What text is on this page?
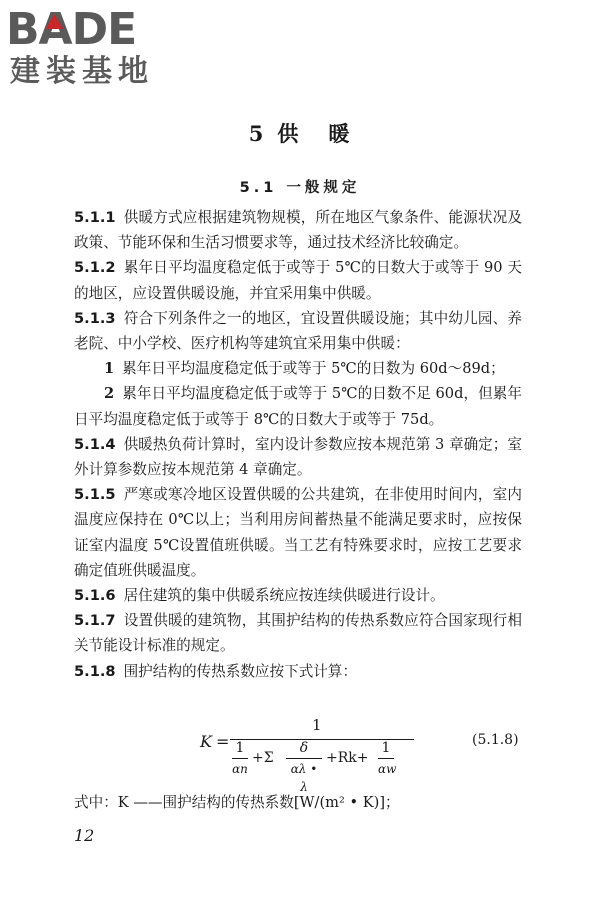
BA
DE
建装基地
5 供 暖
5.1 一般规定
5.1.1 供暖方式应根据建筑物规模，所在地区气象条件、能源状况及政策、节能环保和生活习惯要求等，通过技术经济比较确定。
5.1.2 累年日平均温度稳定低于或等于 5℃的日数大于或等于 90 天的地区，应设置供暖设施，并宜采用集中供暖。
5.1.3 符合下列条件之一的地区，宜设置供暖设施；其中幼儿园、养老院、中小学校、医疗机构等建筑宜采用集中供暖：
1 累年日平均温度稳定低于或等于 5℃的日数为 60d～89d；
2 累年日平均温度稳定低于或等于 5℃的日数不足 60d，但累年日平均温度稳定低于或等于 8℃的日数大于或等于 75d。
5.1.4 供暖热负荷计算时，室内设计参数应按本规范第 3 章确定；室外计算参数应按本规范第 4 章确定。
5.1.5 严寒或寒冷地区设置供暖的公共建筑，在非使用时间内，室内温度应保持在 0℃以上；当利用房间蓄热量不能满足要求时，应按保证室内温度 5℃设置值班供暖。当工艺有特殊要求时，应按工艺要求确定值班供暖温度。
5.1.6 居住建筑的集中供暖系统应按连续供暖进行设计。
5.1.7 设置供暖的建筑物，其围护结构的传热系数应符合国家现行相关节能设计标准的规定。
5.1.8 围护结构的传热系数应按下式计算：
K =
1
1
αn
+Σ
δ
αλ • λ
+Rk+
1
αw
(5.1.8)
式中：K ——围护结构的传热系数[W/(m² • K)]；
12
